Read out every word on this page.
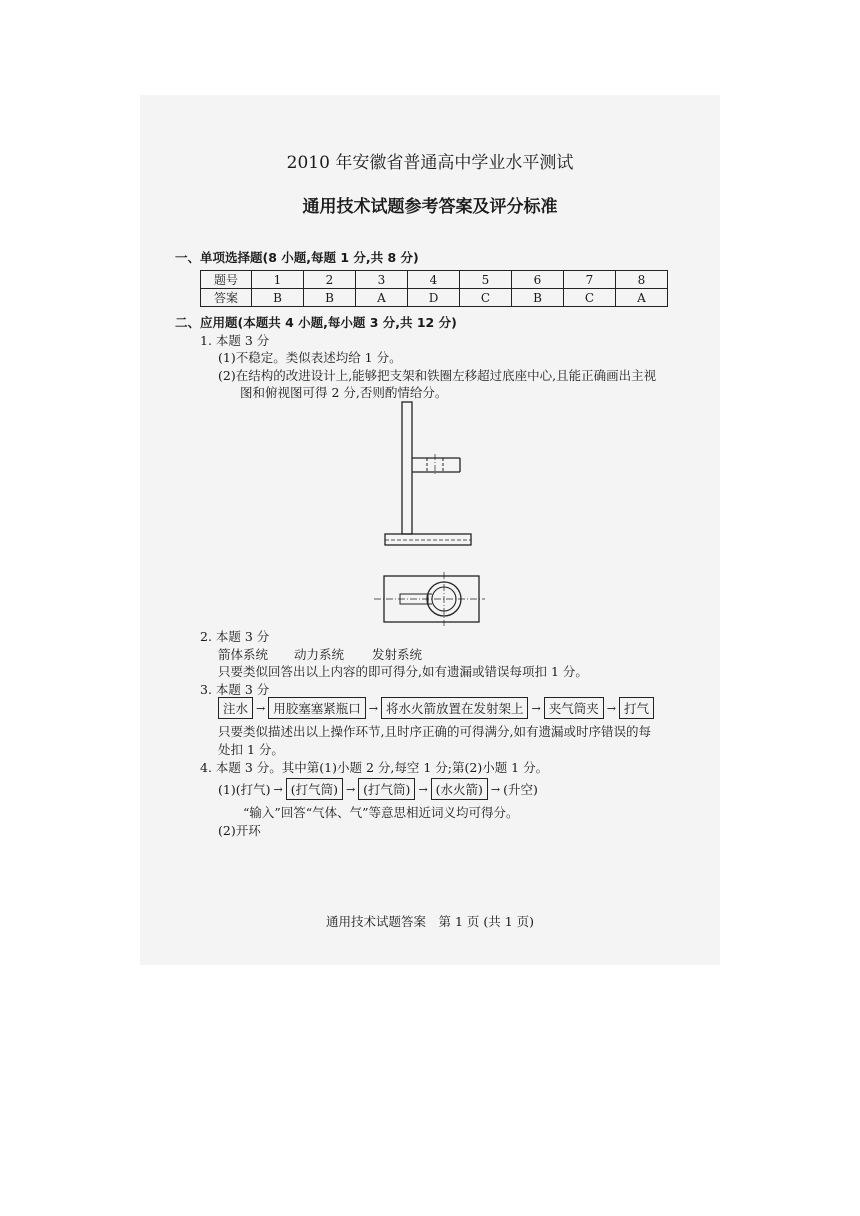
2010 年安徽省普通高中学业水平测试
通用技术试题参考答案及评分标准
一、单项选择题(8 小题,每题 1 分,共 8 分)
题号	1	2	3	4	5	6	7	8
答案	B	B	A	D	C	B	C	A
二、应用题(本题共 4 小题,每小题 3 分,共 12 分)
1. 本题 3 分
(1)不稳定。类似表述均给 1 分。
(2)在结构的改进设计上,能够把支架和铁圈左移超过底座中心,且能正确画出主视
图和俯视图可得 2 分,否则酌情给分。
2. 本题 3 分
箭体系统 动力系统 发射系统
只要类似回答出以上内容的即可得分,如有遗漏或错误每项扣 1 分。
3. 本题 3 分
注水 → 用胶塞塞紧瓶口 → 将水火箭放置在发射架上 → 夹气筒夹 → 打气
只要类似描述出以上操作环节,且时序正确的可得满分,如有遗漏或时序错误的每
处扣 1 分。
4. 本题 3 分。其中第(1)小题 2 分,每空 1 分;第(2)小题 1 分。
(1)(打气) → (打气筒) → (打气筒) → (水火箭) → (升空)
“输入”回答“气体、气”等意思相近词义均可得分。
(2)开环
通用技术试题答案　第 1 页 (共 1 页)
